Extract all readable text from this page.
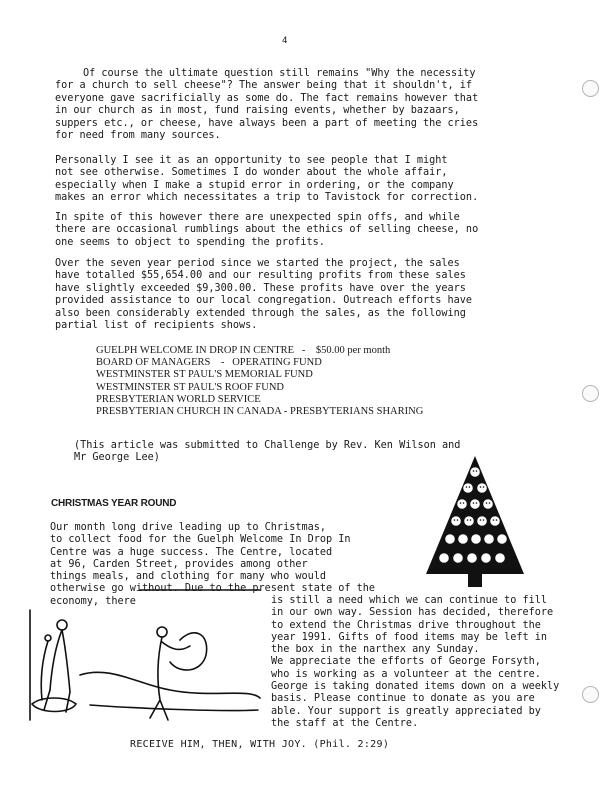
4

Of course the ultimate question still remains "Why the necessity
for a church to sell cheese"? The answer being that it shouldn't, if
everyone gave sacrificially as some do. The fact remains however that
in our church as in most, fund raising events, whether by bazaars,
suppers etc., or cheese, have always been a part of meeting the cries
for need from many sources.

Personally I see it as an opportunity to see people that I might
not see otherwise. Sometimes I do wonder about the whole affair,
especially when I make a stupid error in ordering, or the company
makes an error which necessitates a trip to Tavistock for correction.

In spite of this however there are unexpected spin offs, and while
there are occasional rumblings about the ethics of selling cheese, no
one seems to object to spending the profits.

Over the seven year period since we started the project, the sales
have totalled $55,654.00 and our resulting profits from these sales
have slightly exceeded $9,300.00. These profits have over the years
provided assistance to our local congregation. Outreach efforts have
also been considerably extended through the sales, as the following
partial list of recipients shows.

GUELPH WELCOME IN DROP IN CENTRE   -    $50.00 per month
BOARD OF MANAGERS    -   OPERATING FUND
WESTMINSTER ST PAUL'S MEMORIAL FUND
WESTMINSTER ST PAUL'S ROOF FUND
PRESBYTERIAN WORLD SERVICE
PRESBYTERIAN CHURCH IN CANADA - PRESBYTERIANS SHARING
(This article was submitted to Challenge by Rev. Ken Wilson and
Mr George Lee)
CHRISTMAS YEAR ROUND
Our month long drive leading up to Christmas,
to collect food for the Guelph Welcome In Drop In
Centre was a huge success. The Centre, located
at 96, Carden Street, provides among other
things meals, and clothing for many who would
otherwise go without. Due to the present state of the economy, there	is still a need which we can continue to fill
in our own way. Session has decided, therefore
to extend the Christmas drive throughout the
year 1991. Gifts of food items may be left in
the box in the narthex any Sunday.
We appreciate the efforts of George Forsyth,
who is working as a volunteer at the centre.
George is taking donated items down on a weekly
basis. Please continue to donate as you are
able. Your support is greatly appreciated by
the staff at the Centre.
RECEIVE HIM, THEN, WITH JOY. (Phil. 2:29)
